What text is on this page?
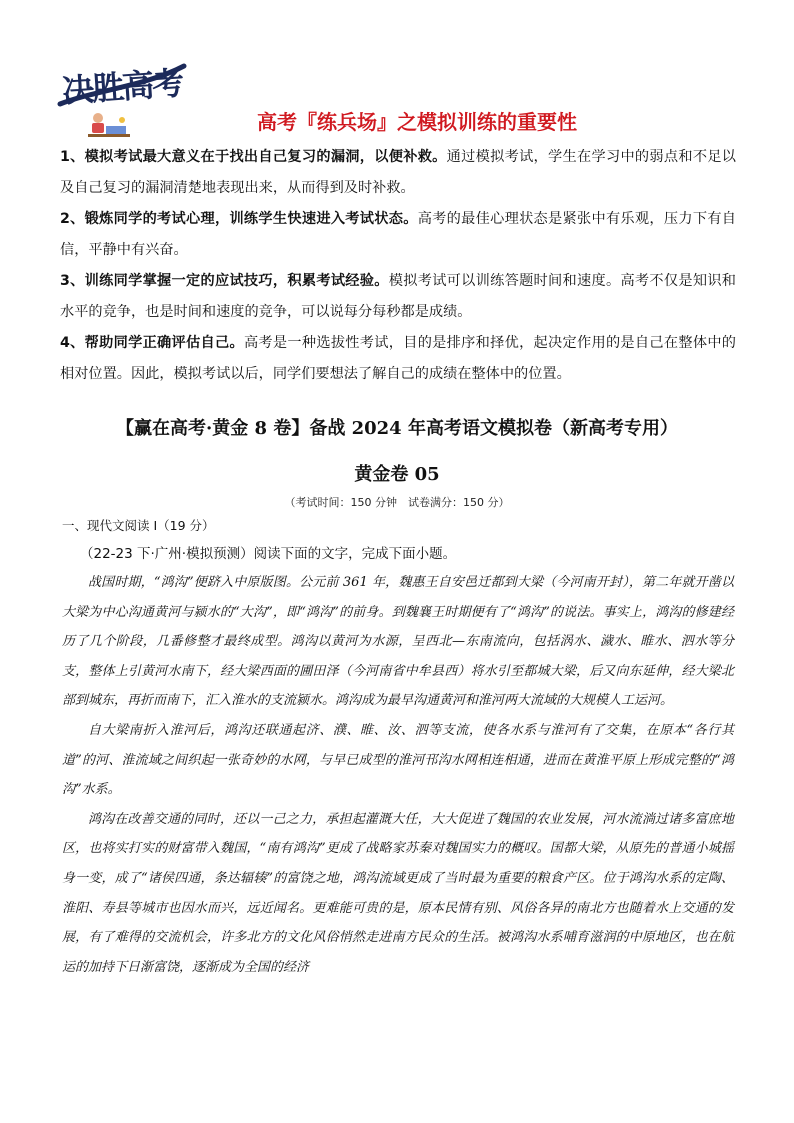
决胜高考
高考『练兵场』之模拟训练的重要性

1、模拟考试最大意义在于找出自己复习的漏洞，以便补救。通过模拟考试，学生在学习中的弱点和不足以及自己复习的漏洞清楚地表现出来，从而得到及时补救。

2、锻炼同学的考试心理，训练学生快速进入考试状态。高考的最佳心理状态是紧张中有乐观，压力下有自信，平静中有兴奋。

3、训练同学掌握一定的应试技巧，积累考试经验。模拟考试可以训练答题时间和速度。高考不仅是知识和水平的竞争，也是时间和速度的竞争，可以说每分每秒都是成绩。

4、帮助同学正确评估自己。高考是一种选拔性考试，目的是排序和择优，起决定作用的是自己在整体中的相对位置。因此，模拟考试以后，同学们要想法了解自己的成绩在整体中的位置。

【赢在高考·黄金 8 卷】备战 2024 年高考语文模拟卷（新高考专用）
黄金卷 05
（考试时间：150 分钟　试卷满分：150 分）
一、现代文阅读 I（19 分）
（22-23 下·广州·模拟预测）阅读下面的文字，完成下面小题。

战国时期，“鸿沟”便跻入中原版图。公元前 361 年，魏惠王自安邑迁都到大梁（今河南开封），第二年就开凿以大梁为中心沟通黄河与颍水的“大沟”，即“鸿沟”的前身。到魏襄王时期便有了“鸿沟”的说法。事实上，鸿沟的修建经历了几个阶段，几番修整才最终成型。鸿沟以黄河为水源，呈西北—东南流向，包括涡水、濊水、睢水、泗水等分支，整体上引黄河水南下，经大梁西面的圃田泽（今河南省中牟县西）将水引至都城大梁，后又向东延伸，经大梁北部到城东，再折而南下，汇入淮水的支流颍水。鸿沟成为最早沟通黄河和淮河两大流域的大规模人工运河。

自大梁南折入淮河后，鸿沟还联通起济、濮、睢、汝、泗等支流，使各水系与淮河有了交集，在原本“各行其道”的河、淮流域之间织起一张奇妙的水网，与早已成型的淮河邗沟水网相连相通，进而在黄淮平原上形成完整的“鸿沟”水系。

鸿沟在改善交通的同时，还以一己之力，承担起灌溉大任，大大促进了魏国的农业发展，河水流淌过诸多富庶地区，也将实打实的财富带入魏国，“南有鸿沟”更成了战略家苏秦对魏国实力的概叹。国都大梁，从原先的普通小城摇身一变，成了“诸侯四通，条达辐辏”的富饶之地，鸿沟流域更成了当时最为重要的粮食产区。位于鸿沟水系的定陶、淮阳、寿县等城市也因水而兴，远近闻名。更难能可贵的是，原本民情有别、风俗各异的南北方也随着水上交通的发展，有了难得的交流机会，许多北方的文化风俗悄然走进南方民众的生活。被鸿沟水系哺育滋润的中原地区，也在航运的加持下日渐富饶，逐渐成为全国的经济
